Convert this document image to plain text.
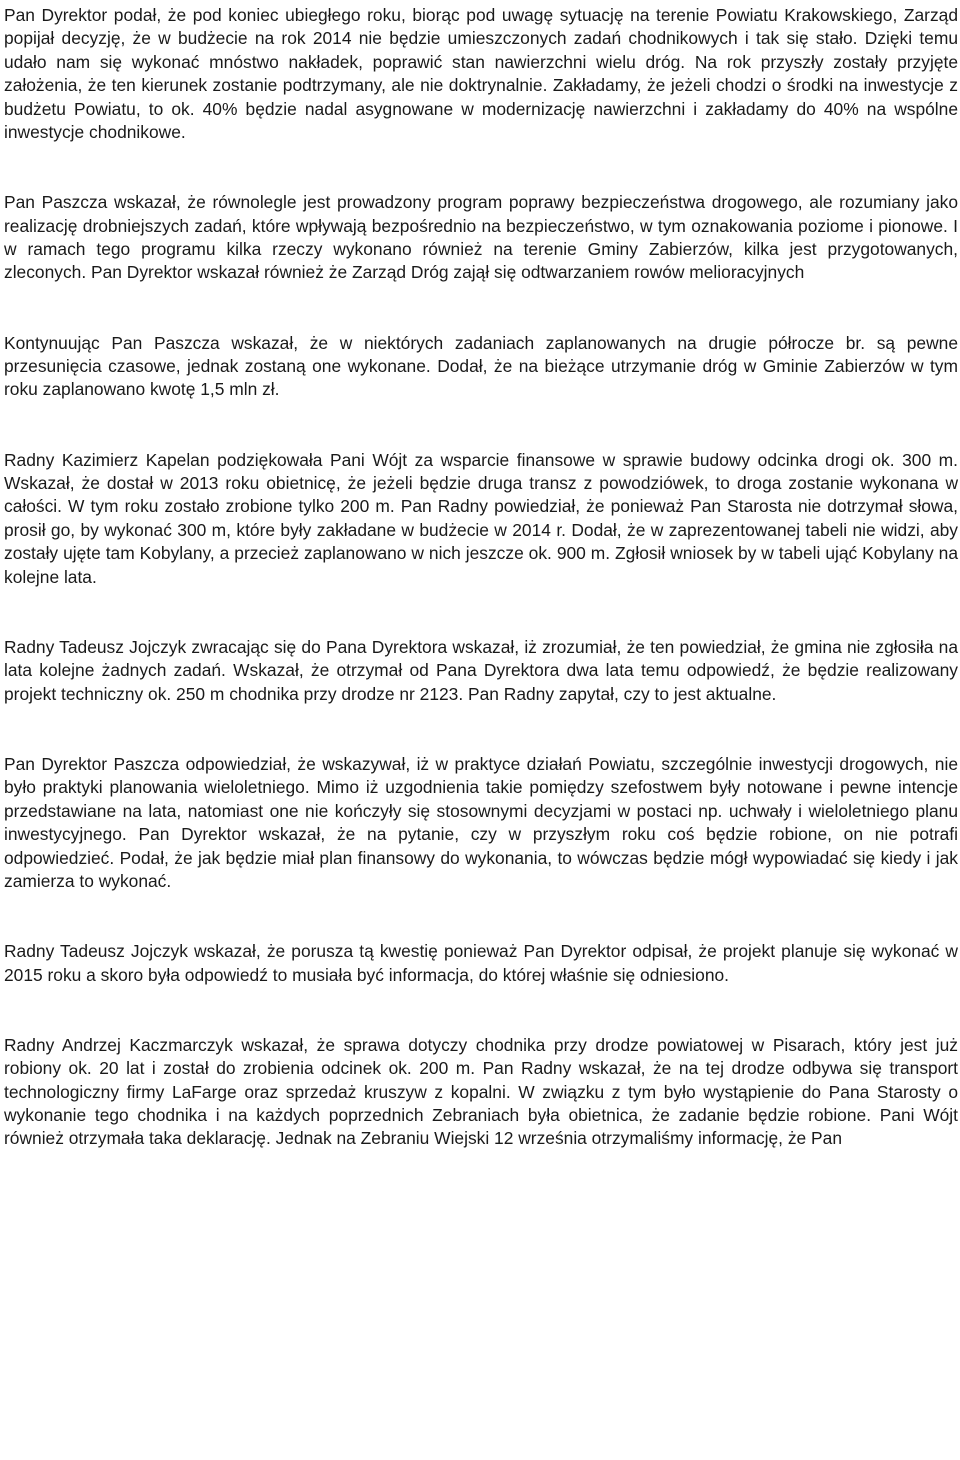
Pan Dyrektor podał, że pod koniec ubiegłego roku, biorąc pod uwagę sytuację na terenie Powiatu Krakowskiego, Zarząd popijał decyzję, że w budżecie na rok 2014 nie będzie umieszczonych zadań chodnikowych i tak się stało. Dzięki temu udało nam się wykonać mnóstwo nakładek, poprawić stan nawierzchni wielu dróg. Na rok przyszły zostały przyjęte założenia, że ten kierunek zostanie podtrzymany, ale nie doktrynalnie. Zakładamy, że jeżeli chodzi o środki na inwestycje z budżetu Powiatu, to ok. 40% będzie nadal asygnowane w modernizację nawierzchni i zakładamy do 40% na wspólne inwestycje chodnikowe.

Pan Paszcza wskazał, że równolegle jest prowadzony program poprawy bezpieczeństwa drogowego, ale rozumiany jako realizację drobniejszych zadań, które wpływają bezpośrednio na bezpieczeństwo, w tym oznakowania poziome i pionowe. I w ramach tego programu kilka rzeczy wykonano również na terenie Gminy Zabierzów, kilka jest przygotowanych, zleconych. Pan Dyrektor wskazał również że Zarząd Dróg zajął się odtwarzaniem rowów melioracyjnych

Kontynuując Pan Paszcza wskazał, że w niektórych zadaniach zaplanowanych na drugie półrocze br. są pewne przesunięcia czasowe, jednak zostaną one wykonane. Dodał, że na bieżące utrzymanie dróg w Gminie Zabierzów w tym roku zaplanowano kwotę 1,5 mln zł.

Radny Kazimierz Kapelan podziękowała Pani Wójt za wsparcie finansowe w sprawie budowy odcinka drogi ok. 300 m. Wskazał, że dostał w 2013 roku obietnicę, że jeżeli będzie druga transz z powodziówek, to droga zostanie wykonana w całości. W tym roku zostało zrobione tylko 200 m. Pan Radny powiedział, że ponieważ Pan Starosta nie dotrzymał słowa, prosił go, by wykonać 300 m, które były zakładane w budżecie w 2014 r. Dodał, że w zaprezentowanej tabeli nie widzi, aby zostały ujęte tam Kobylany, a przecież zaplanowano w nich jeszcze ok. 900 m. Zgłosił wniosek by w tabeli ująć Kobylany na kolejne lata.

Radny Tadeusz Jojczyk zwracając się do Pana Dyrektora wskazał, iż zrozumiał, że ten powiedział, że gmina nie zgłosiła na lata kolejne żadnych zadań. Wskazał, że otrzymał od Pana Dyrektora dwa lata temu odpowiedź, że będzie realizowany projekt techniczny ok. 250 m chodnika przy drodze nr 2123. Pan Radny zapytał, czy to jest aktualne.

Pan Dyrektor Paszcza odpowiedział, że wskazywał, iż w praktyce działań Powiatu, szczególnie inwestycji drogowych, nie było praktyki planowania wieloletniego. Mimo iż uzgodnienia takie pomiędzy szefostwem były notowane i pewne intencje przedstawiane na lata, natomiast one nie kończyły się stosownymi decyzjami w postaci np. uchwały i wieloletniego planu inwestycyjnego. Pan Dyrektor wskazał, że na pytanie, czy w przyszłym roku coś będzie robione, on nie potrafi odpowiedzieć. Podał, że jak będzie miał plan finansowy do wykonania, to wówczas będzie mógł wypowiadać się kiedy i jak zamierza to wykonać.

Radny Tadeusz Jojczyk wskazał, że porusza tą kwestię ponieważ Pan Dyrektor odpisał, że projekt planuje się wykonać w 2015 roku a skoro była odpowiedź to musiała być informacja, do której właśnie się odniesiono.

Radny Andrzej Kaczmarczyk wskazał, że sprawa dotyczy chodnika przy drodze powiatowej w Pisarach, który jest już robiony ok. 20 lat i został do zrobienia odcinek ok. 200 m. Pan Radny wskazał, że na tej drodze odbywa się transport technologiczny firmy LaFarge oraz sprzedaż kruszyw z kopalni. W związku z tym było wystąpienie do Pana Starosty o wykonanie tego chodnika i na każdych poprzednich Zebraniach była obietnica, że zadanie będzie robione. Pani Wójt również otrzymała taka deklarację. Jednak na Zebraniu Wiejski 12 września otrzymaliśmy informację, że Pan
